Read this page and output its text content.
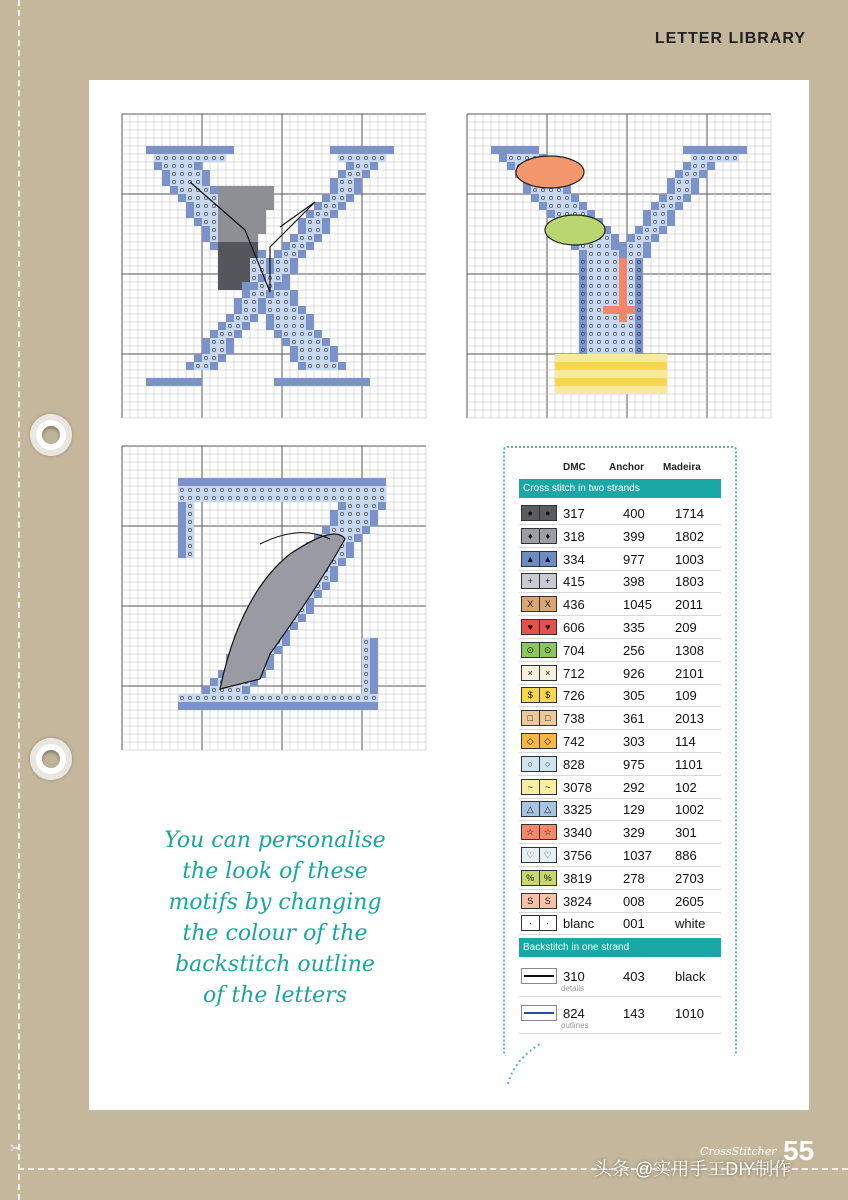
✂
LETTER LIBRARY
You can personalise
the look of these
motifs by changing
the colour of the
backstitch outline
of the letters
DMC Anchor Madeira
Cross stitch in two strands
●	● 317	400 1714
♦	♦ 318	399 1802
▲ ▲ 334	977 1003
+	+ 415	398 1803
X	X 436	1045 2011
♥	♥ 606	335 209
⊙	⊙ 704	256 1308
×	× 712	926 2101
$	$ 726	305 109
□	□ 738	361 2013
◇	◇ 742	303 114
○	○ 828	975 1101
~	~ 3078 292 102
△	△ 3325 129 1002
☆	☆ 3340 329 301
♡	♡ 3756 1037 886
%	% 3819 278 2703
S	S 3824 008 2605
·	·	blanc 001 white
Backstitch in one strand
310	403 black
details
824	143 1010
outlines
CrossStitcher 55
头条 @实用手工DIY制作
